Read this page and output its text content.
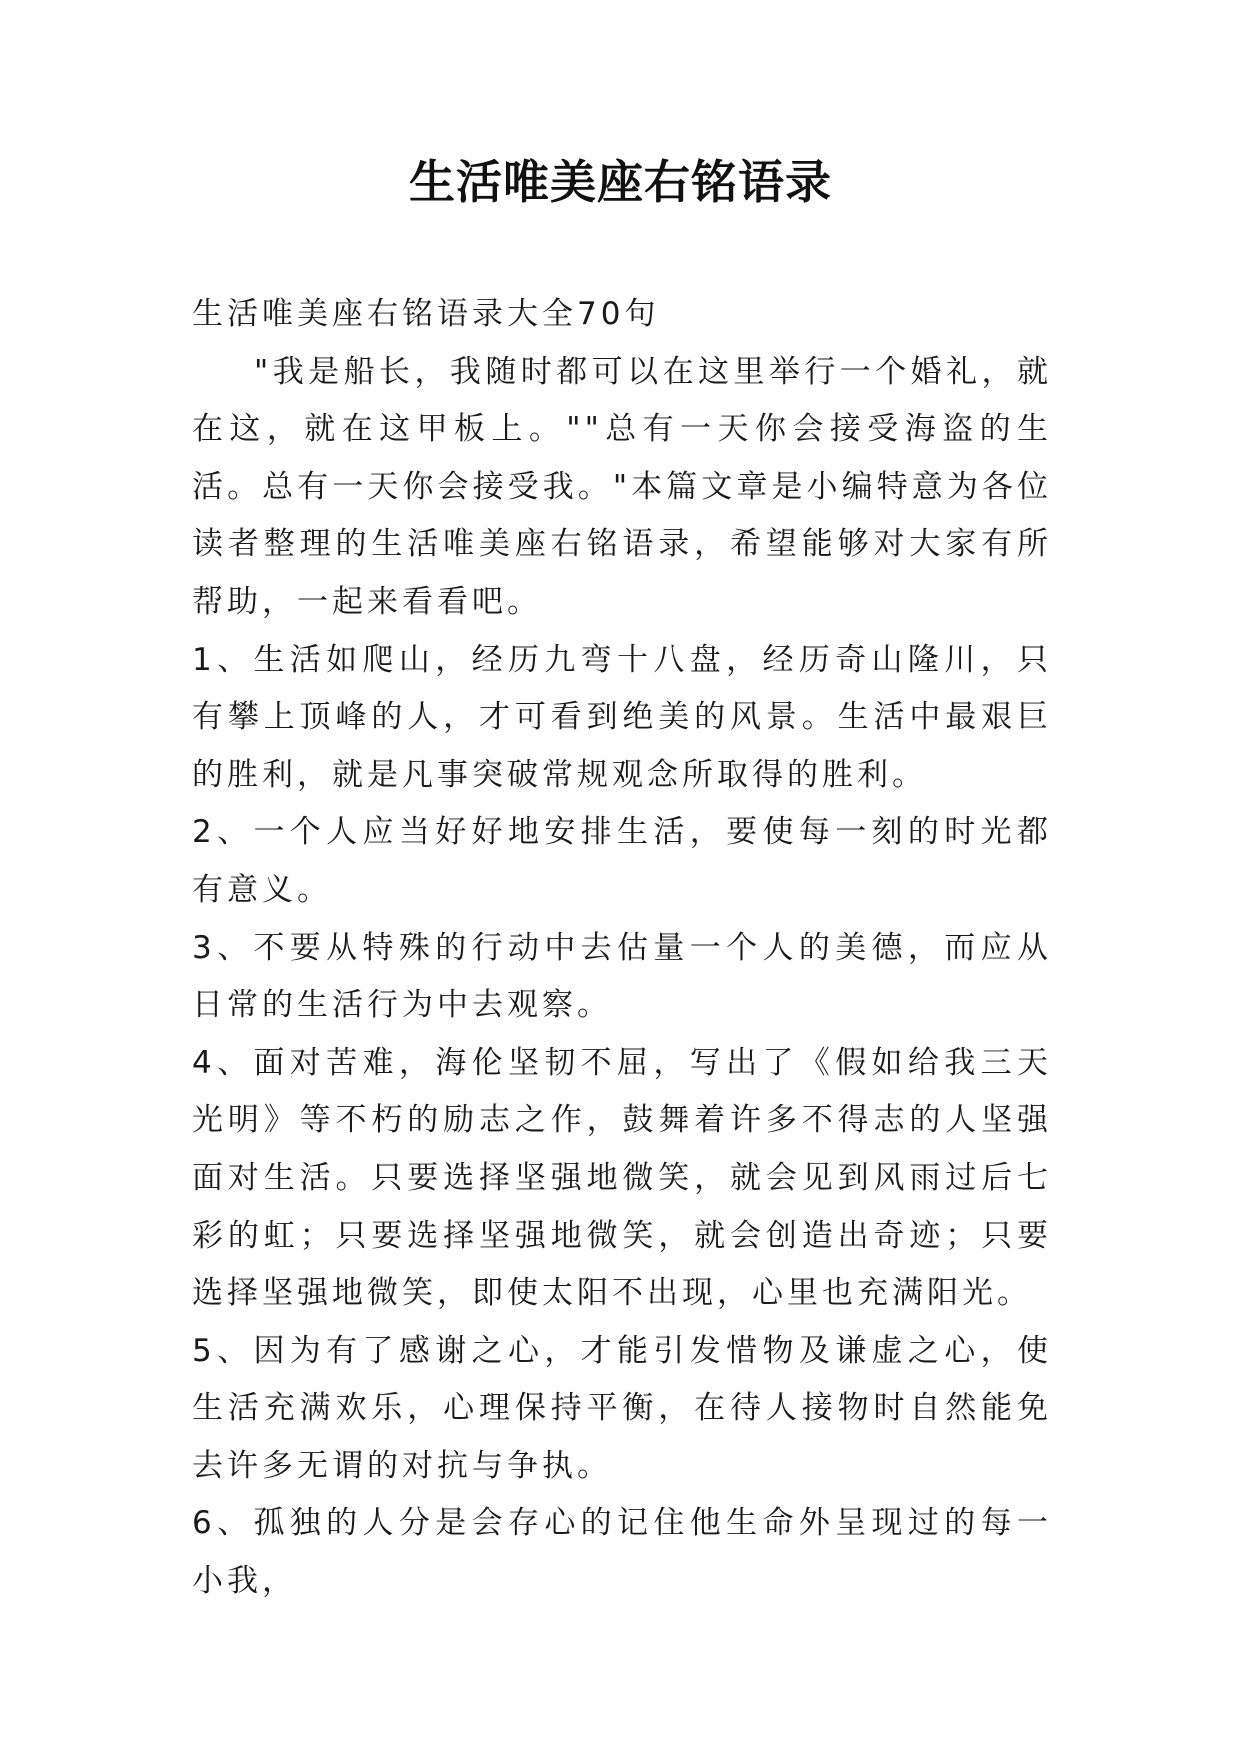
生活唯美座右铭语录

生活唯美座右铭语录大全70句

"我是船长，我随时都可以在这里举行一个婚礼，就在这，就在这甲板上。""总有一天你会接受海盗的生活。总有一天你会接受我。"本篇文章是小编特意为各位读者整理的生活唯美座右铭语录，希望能够对大家有所帮助，一起来看看吧。

1、生活如爬山，经历九弯十八盘，经历奇山隆川，只有攀上顶峰的人，才可看到绝美的风景。生活中最艰巨的胜利，就是凡事突破常规观念所取得的胜利。

2、一个人应当好好地安排生活，要使每一刻的时光都有意义。

3、不要从特殊的行动中去估量一个人的美德，而应从日常的生活行为中去观察。

4、面对苦难，海伦坚韧不屈，写出了《假如给我三天光明》等不朽的励志之作，鼓舞着许多不得志的人坚强面对生活。只要选择坚强地微笑，就会见到风雨过后七彩的虹；只要选择坚强地微笑，就会创造出奇迹；只要选择坚强地微笑，即使太阳不出现，心里也充满阳光。

5、因为有了感谢之心，才能引发惜物及谦虚之心，使生活充满欢乐，心理保持平衡，在待人接物时自然能免去许多无谓的对抗与争执。

6、孤独的人分是会存心的记住他生命外呈现过的每一小我，
